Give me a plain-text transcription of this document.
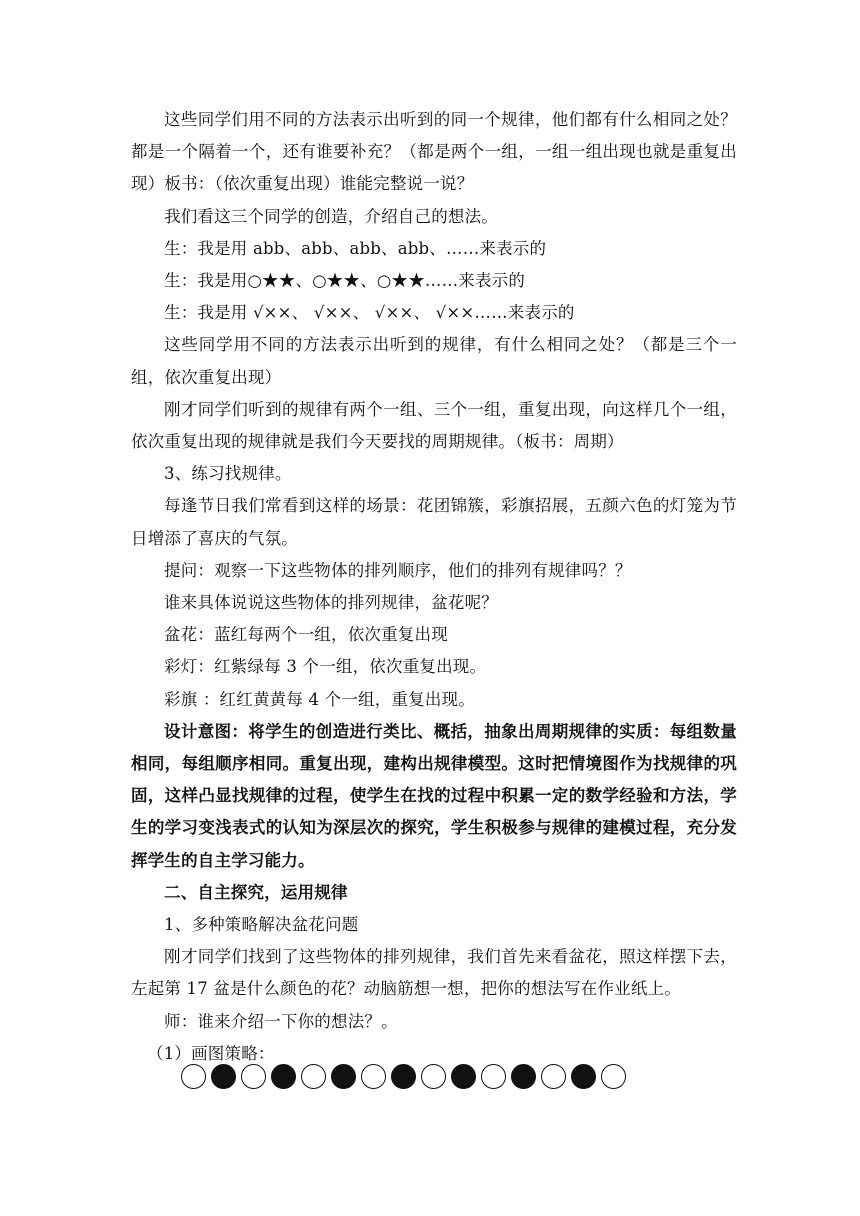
这些同学们用不同的方法表示出听到的同一个规律，他们都有什么相同之处？都是一个隔着一个，还有谁要补充？（都是两个一组，一组一组出现也就是重复出现）板书：（依次重复出现）谁能完整说一说？

我们看这三个同学的创造，介绍自己的想法。

生：我是用 abb、abb、abb、abb、……来表示的

生：我是用○★★、○★★、○★★……来表示的

生：我是用 √××、 √××、 √××、 √××……来表示的

这些同学用不同的方法表示出听到的规律，有什么相同之处？（都是三个一组，依次重复出现）

刚才同学们听到的规律有两个一组、三个一组，重复出现，向这样几个一组，依次重复出现的规律就是我们今天要找的周期规律。（板书：周期）

3、练习找规律。

每逢节日我们常看到这样的场景：花团锦簇，彩旗招展，五颜六色的灯笼为节日增添了喜庆的气氛。

提问：观察一下这些物体的排列顺序，他们的排列有规律吗？？

谁来具体说说这些物体的排列规律，盆花呢？

盆花：蓝红每两个一组，依次重复出现

彩灯：红紫绿每 3 个一组，依次重复出现。

彩旗 ：红红黄黄每 4 个一组，重复出现。

设计意图：将学生的创造进行类比、概括，抽象出周期规律的实质：每组数量相同，每组顺序相同。重复出现，建构出规律模型。这时把情境图作为找规律的巩固，这样凸显找规律的过程，使学生在找的过程中积累一定的数学经验和方法，学生的学习变浅表式的认知为深层次的探究，学生积极参与规律的建模过程，充分发挥学生的自主学习能力。

二、自主探究，运用规律

1、多种策略解决盆花问题

刚才同学们找到了这些物体的排列规律，我们首先来看盆花，照这样摆下去，左起第 17 盆是什么颜色的花？动脑筋想一想，把你的想法写在作业纸上。

师：谁来介绍一下你的想法？。

（1）画图策略：
